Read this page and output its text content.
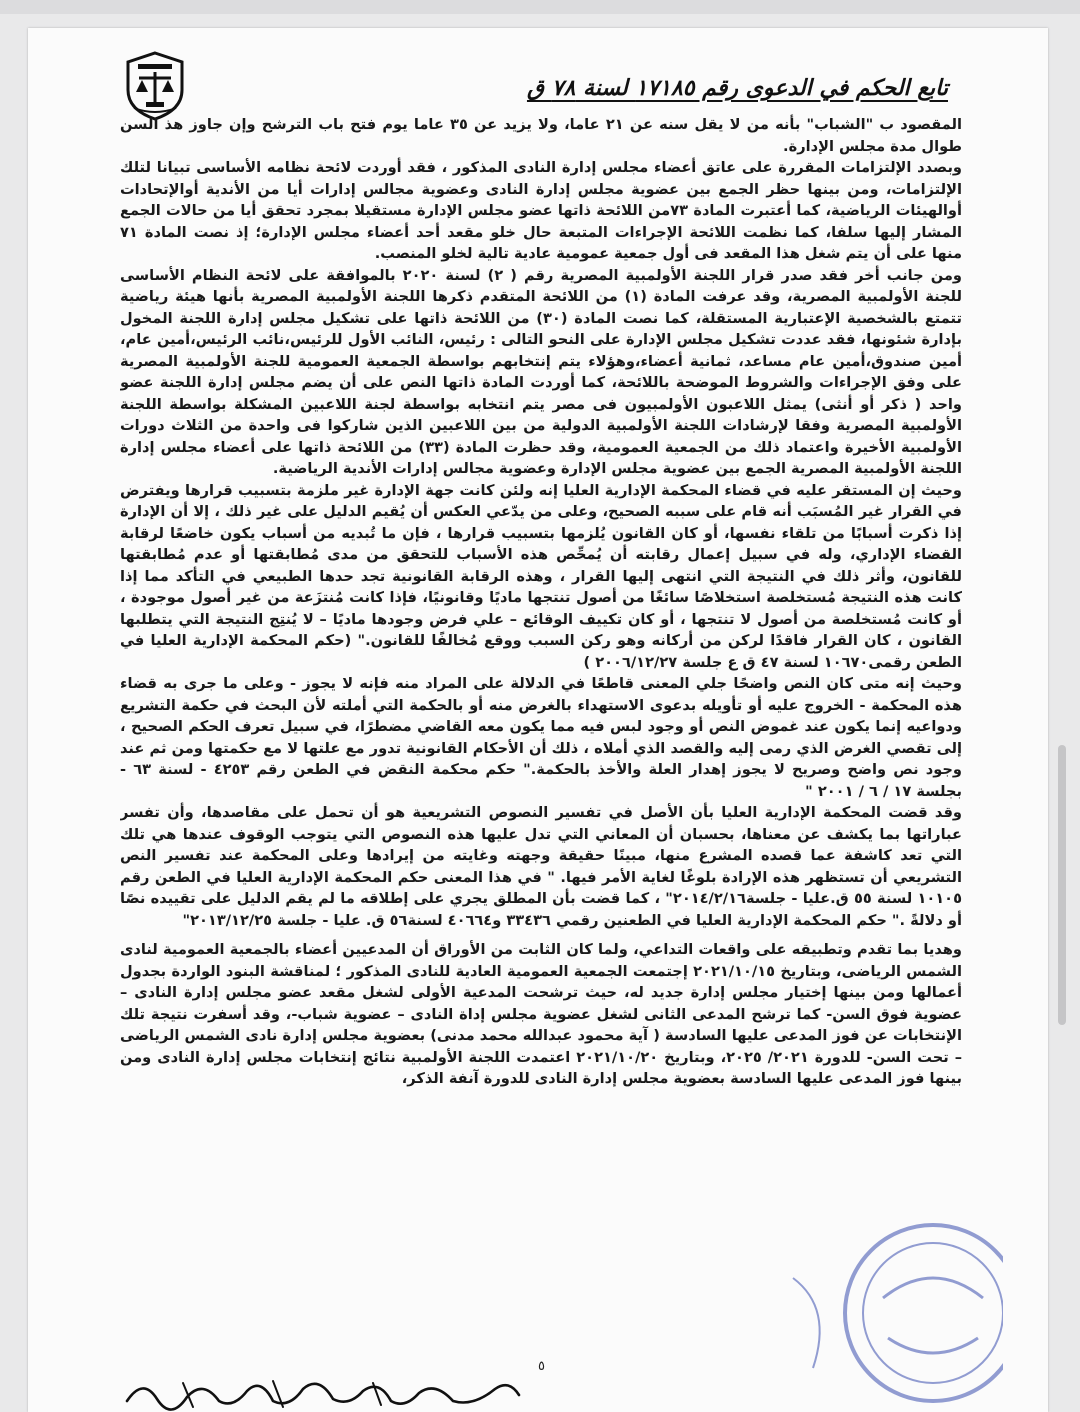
تابع الحكم في الدعوى رقم ١٧١٨٥ لسنة ٧٨ ق

المقصود ب "الشباب" بأنه من لا يقل سنه عن ٢١ عاما، ولا يزيد عن ٣٥ عاما يوم فتح باب الترشح وإن جاوز هذ السن طوال مدة مجلس الإدارة.

وبصدد الإلتزامات المقررة على عاتق أعضاء مجلس إدارة النادى المذكور ، فقد أوردت لائحة نظامه الأساسى تبيانا لتلك الإلتزامات، ومن بينها حظر الجمع بين عضوية مجلس إدارة النادى وعضوية مجالس إدارات أيا من الأندية أوالإتحادات أوالهيئات الرياضية، كما أعتبرت المادة ٧٣من اللائحة ذاتها عضو مجلس الإدارة مستقيلا بمجرد تحقق أيا من حالات الجمع المشار إليها سلفا، كما نظمت اللائحة الإجراءات المتبعة حال خلو مقعد أحد أعضاء مجلس الإدارة؛ إذ نصت المادة ٧١ منها على أن يتم شغل هذا المقعد فى أول جمعية عمومية عادية تالية لخلو المنصب.

ومن جانب أخر فقد صدر قرار اللجنة الأولمبية المصرية رقم ( ٢) لسنة ٢٠٢٠ بالموافقة على لائحة النظام الأساسى للجنة الأولمبية المصرية، وقد عرفت المادة (١) من اللائحة المتقدم ذكرها اللجنة الأولمبية المصرية بأنها هيئة رياضية تتمتع بالشخصية الإعتبارية المستقلة، كما نصت المادة (٣٠) من اللائحة ذاتها على تشكيل مجلس إدارة اللجنة المخول بإدارة شئونها، فقد عددت تشكيل مجلس الإدارة على النحو التالى : رئيس، النائب الأول للرئيس،نائب الرئيس،أمين عام، أمين صندوق،أمين عام مساعد، ثمانية أعضاء،وهؤلاء يتم إنتخابهم بواسطة الجمعية العمومية للجنة الأولمبية المصرية على وفق الإجراءات والشروط الموضحة باللائحة، كما أوردت المادة ذاتها النص على أن يضم مجلس إدارة اللجنة عضو واحد ( ذكر أو أنثى) يمثل اللاعبون الأولمبيون فى مصر يتم انتخابه بواسطة لجنة اللاعبين المشكلة بواسطة اللجنة الأولمبية المصرية وفقا لإرشادات اللجنة الأولمبية الدولية من بين اللاعبين الذين شاركوا فى واحدة من الثلاث دورات الأولمبية الأخيرة واعتماد ذلك من الجمعية العمومية، وقد حظرت المادة (٣٣) من اللائحة ذاتها على أعضاء مجلس إدارة اللجنة الأولمبية المصرية الجمع بين عضوية مجلس الإدارة وعضوية مجالس إدارات الأندية الرياضية.

وحيث إن المستقر عليه في قضاء المحكمة الإدارية العليا إنه ولئن كانت جهة الإدارة غير ملزمة بتسبيب قرارها ويفترض في القرار غير المُسبَب أنه قام على سببه الصحيح، وعلى من يدّعي العكس أن يُقيم الدليل على غير ذلك ، إلا أن الإدارة إذا ذكرت أسبابًا من تلقاء نفسها، أو كان القانون يُلزمها بتسبيب قرارها ، فإن ما تُبديه من أسباب يكون خاضعًا لرقابة القضاء الإداري، وله في سبيل إعمال رقابته أن يُمحِّص هذه الأسباب للتحقق من مدى مُطابقتها أو عدم مُطابقتها للقانون، وأثر ذلك في النتيجة التي انتهى إليها القرار ، وهذه الرقابة القانونية تجد حدها الطبيعي في التأكد مما إذا كانت هذه النتيجة مُستخلصة استخلاصًا سائغًا من أصول تنتجها ماديًا وقانونيًا، فإذا كانت مُنتزَعة من غير أصول موجودة ، أو كانت مُستخلصة من أصول لا تنتجها ، أو كان تكييف الوقائع – علي فرض وجودها ماديًا – لا يُنتِج النتيجة التي يتطلبها القانون ، كان القرار فاقدًا لركن من أركانه وهو ركن السبب ووقع مُخالفًا للقانون." (حكم المحكمة الإدارية العليا في الطعن رقمى١٠٦٧٠ لسنة ٤٧ ق ع جلسة ٢٠٠٦/١٢/٢٧ )

وحيث إنه متى كان النص واضحًا جلي المعنى قاطعًا في الدلالة على المراد منه فإنه لا يجوز - وعلى ما جرى به قضاء هذه المحكمة - الخروج عليه أو تأويله بدعوى الاستهداء بالغرض منه أو بالحكمة التي أملته لأن البحث في حكمة التشريع ودواعيه إنما يكون عند غموض النص أو وجود لبس فيه مما يكون معه القاضي مضطرًا، في سبيل تعرف الحكم الصحيح ، إلى تقصي الغرض الذي رمى إليه والقصد الذي أملاه ، ذلك أن الأحكام القانونية تدور مع علتها لا مع حكمتها ومن ثم عند وجود نص واضح وصريح لا يجوز إهدار العلة والأخذ بالحكمة." حكم محكمة النقض في الطعن رقم ٤٢٥٣ - لسنة ٦٣ - بجلسة ١٧ / ٦ / ٢٠٠١ "

وقد قضت المحكمة الإدارية العليا بأن الأصل في تفسير النصوص التشريعية هو أن تحمل على مقاصدها، وأن تفسر عباراتها بما يكشف عن معناها، بحسبان أن المعاني التي تدل عليها هذه النصوص التي يتوجب الوقوف عندها هي تلك التي تعد كاشفة عما قصده المشرع منها، مبينًا حقيقة وجهته وغايته من إيرادها وعلى المحكمة عند تفسير النص التشريعي أن تستظهر هذه الإرادة بلوغًا لغاية الأمر فيها. " في هذا المعنى حكم المحكمة الإدارية العليا في الطعن رقم ١٠١٠٥ لسنة ٥٥ ق.عليا - جلسة٢٠١٤/٢/١٦" ، كما قضت بأن المطلق يجري على إطلاقه ما لم يقم الدليل على تقييده نصًا أو دلالةً ." حكم المحكمة الإدارية العليا في الطعنين رقمي ٣٣٤٣٦ و٤٠٦٦٤ لسنة٥٦ ق. عليا - جلسة ٢٠١٣/١٢/٢٥"

وهديا بما تقدم وتطبيقه على واقعات التداعي، ولما كان الثابت من الأوراق أن المدعيين أعضاء بالجمعية العمومية لنادى الشمس الرياضى، وبتاريخ ٢٠٢١/١٠/١٥ إجتمعت الجمعية العمومية العادية للنادى المذكور ؛ لمناقشة البنود الواردة بجدول أعمالها ومن بينها إختيار مجلس إدارة جديد له، حيث ترشحت المدعية الأولى لشغل مقعد عضو مجلس إدارة النادى – عضوية فوق السن- كما ترشح المدعى الثانى لشغل عضوية مجلس إداة النادى – عضوية شباب-، وقد أسفرت نتيجة تلك الإنتخابات عن فوز المدعى عليها السادسة ( آية محمود عبدالله محمد مدنى) بعضوية مجلس إدارة نادى الشمس الرياضى – تحت السن- للدورة ٢٠٢١/ ٢٠٢٥، وبتاريخ ٢٠٢١/١٠/٢٠ اعتمدت اللجنة الأولمبية نتائج إنتخابات مجلس إدارة النادى ومن بينها فوز المدعى عليها السادسة بعضوية مجلس إدارة النادى للدورة آنفة الذكر،

٥
